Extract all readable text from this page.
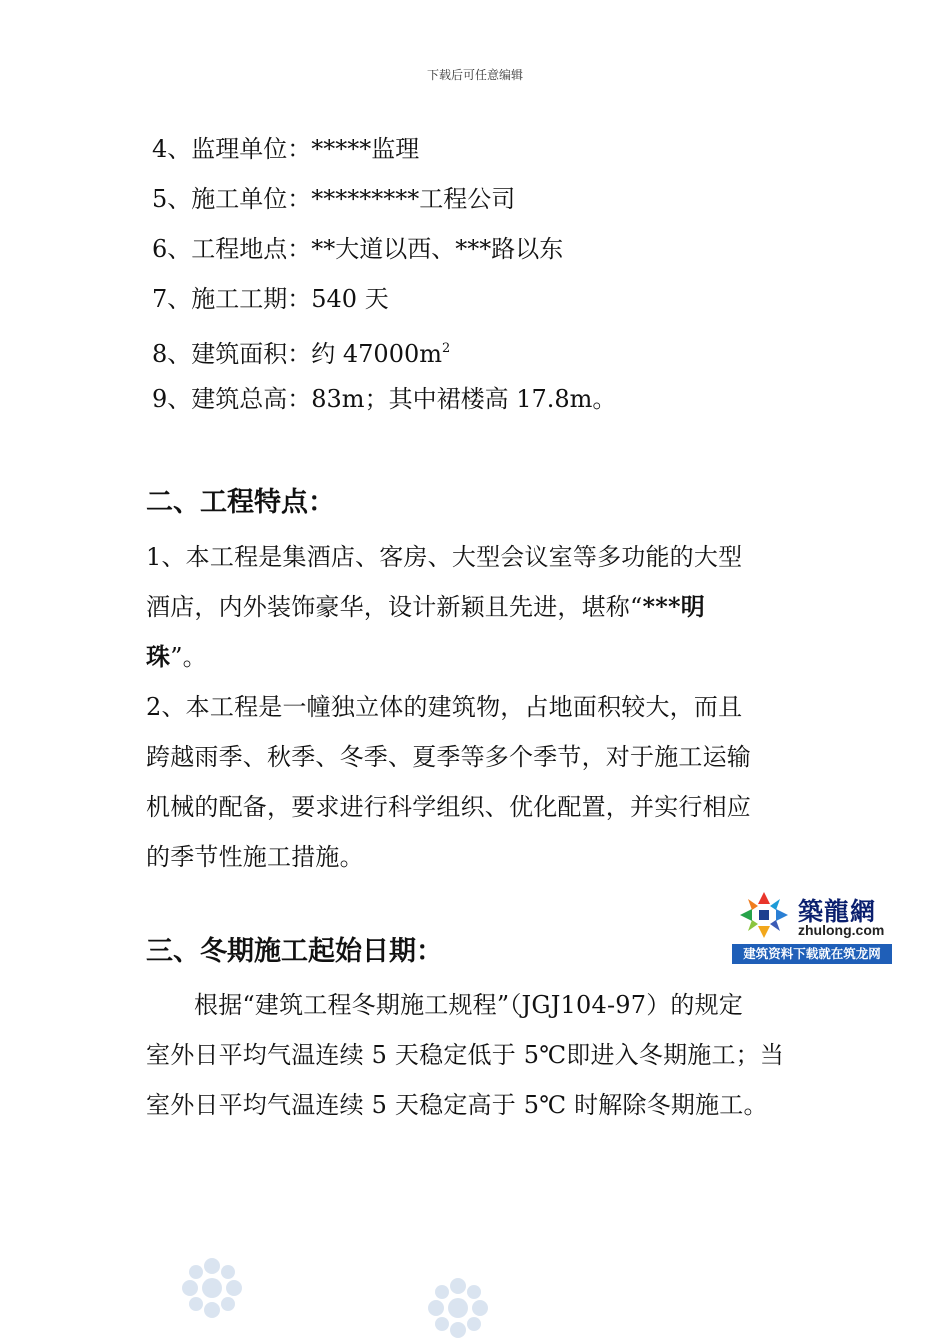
下载后可任意编辑
4、监理单位：*****监理
5、施工单位：*********工程公司
6、工程地点：**大道以西、***路以东
7、施工工期：540 天
8、建筑面积：约 $47000m^2$
9、建筑总高：83m；其中裙楼高 17.8m。
二、工程特点：
1、本工程是集酒店、客房、大型会议室等多功能的大型
酒店，内外装饰豪华，设计新颖且先进，堪称“***明
珠”。
2、本工程是一幢独立体的建筑物，占地面积较大，而且
跨越雨季、秋季、冬季、夏季等多个季节，对于施工运输
机械的配备，要求进行科学组织、优化配置，并实行相应
的季节性施工措施。
築龍網
zhulong.com
建筑资料下载就在筑龙网
三、冬期施工起始日期：
根据“建筑工程冬期施工规程”（JGJ104-97）的规定
室外日平均气温连续 5 天稳定低于 5℃即进入冬期施工；当
室外日平均气温连续 5 天稳定高于 5℃ 时解除冬期施工。
